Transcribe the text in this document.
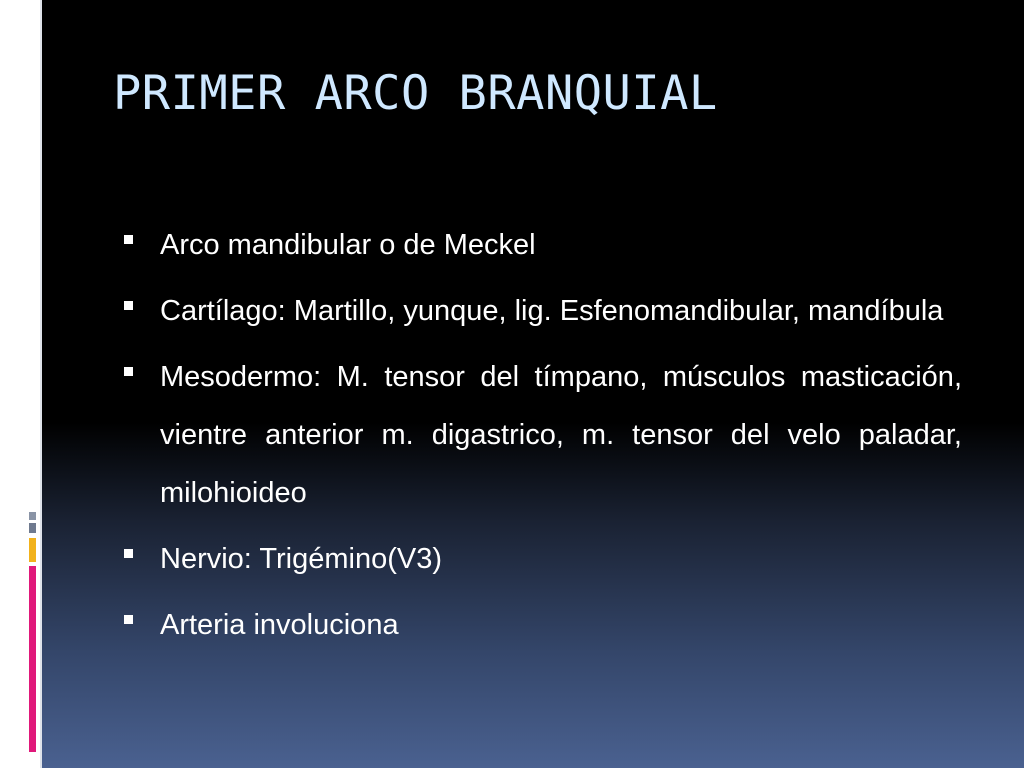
PRIMER ARCO BRANQUIAL
Arco mandibular o de Meckel
Cartílago: Martillo, yunque, lig. Esfenomandibular, mandíbula
Mesodermo: M. tensor del tímpano, músculos masticación, vientre anterior m. digastrico, m. tensor del velo paladar, milohioideo
Nervio: Trigémino(V3)
Arteria involuciona
